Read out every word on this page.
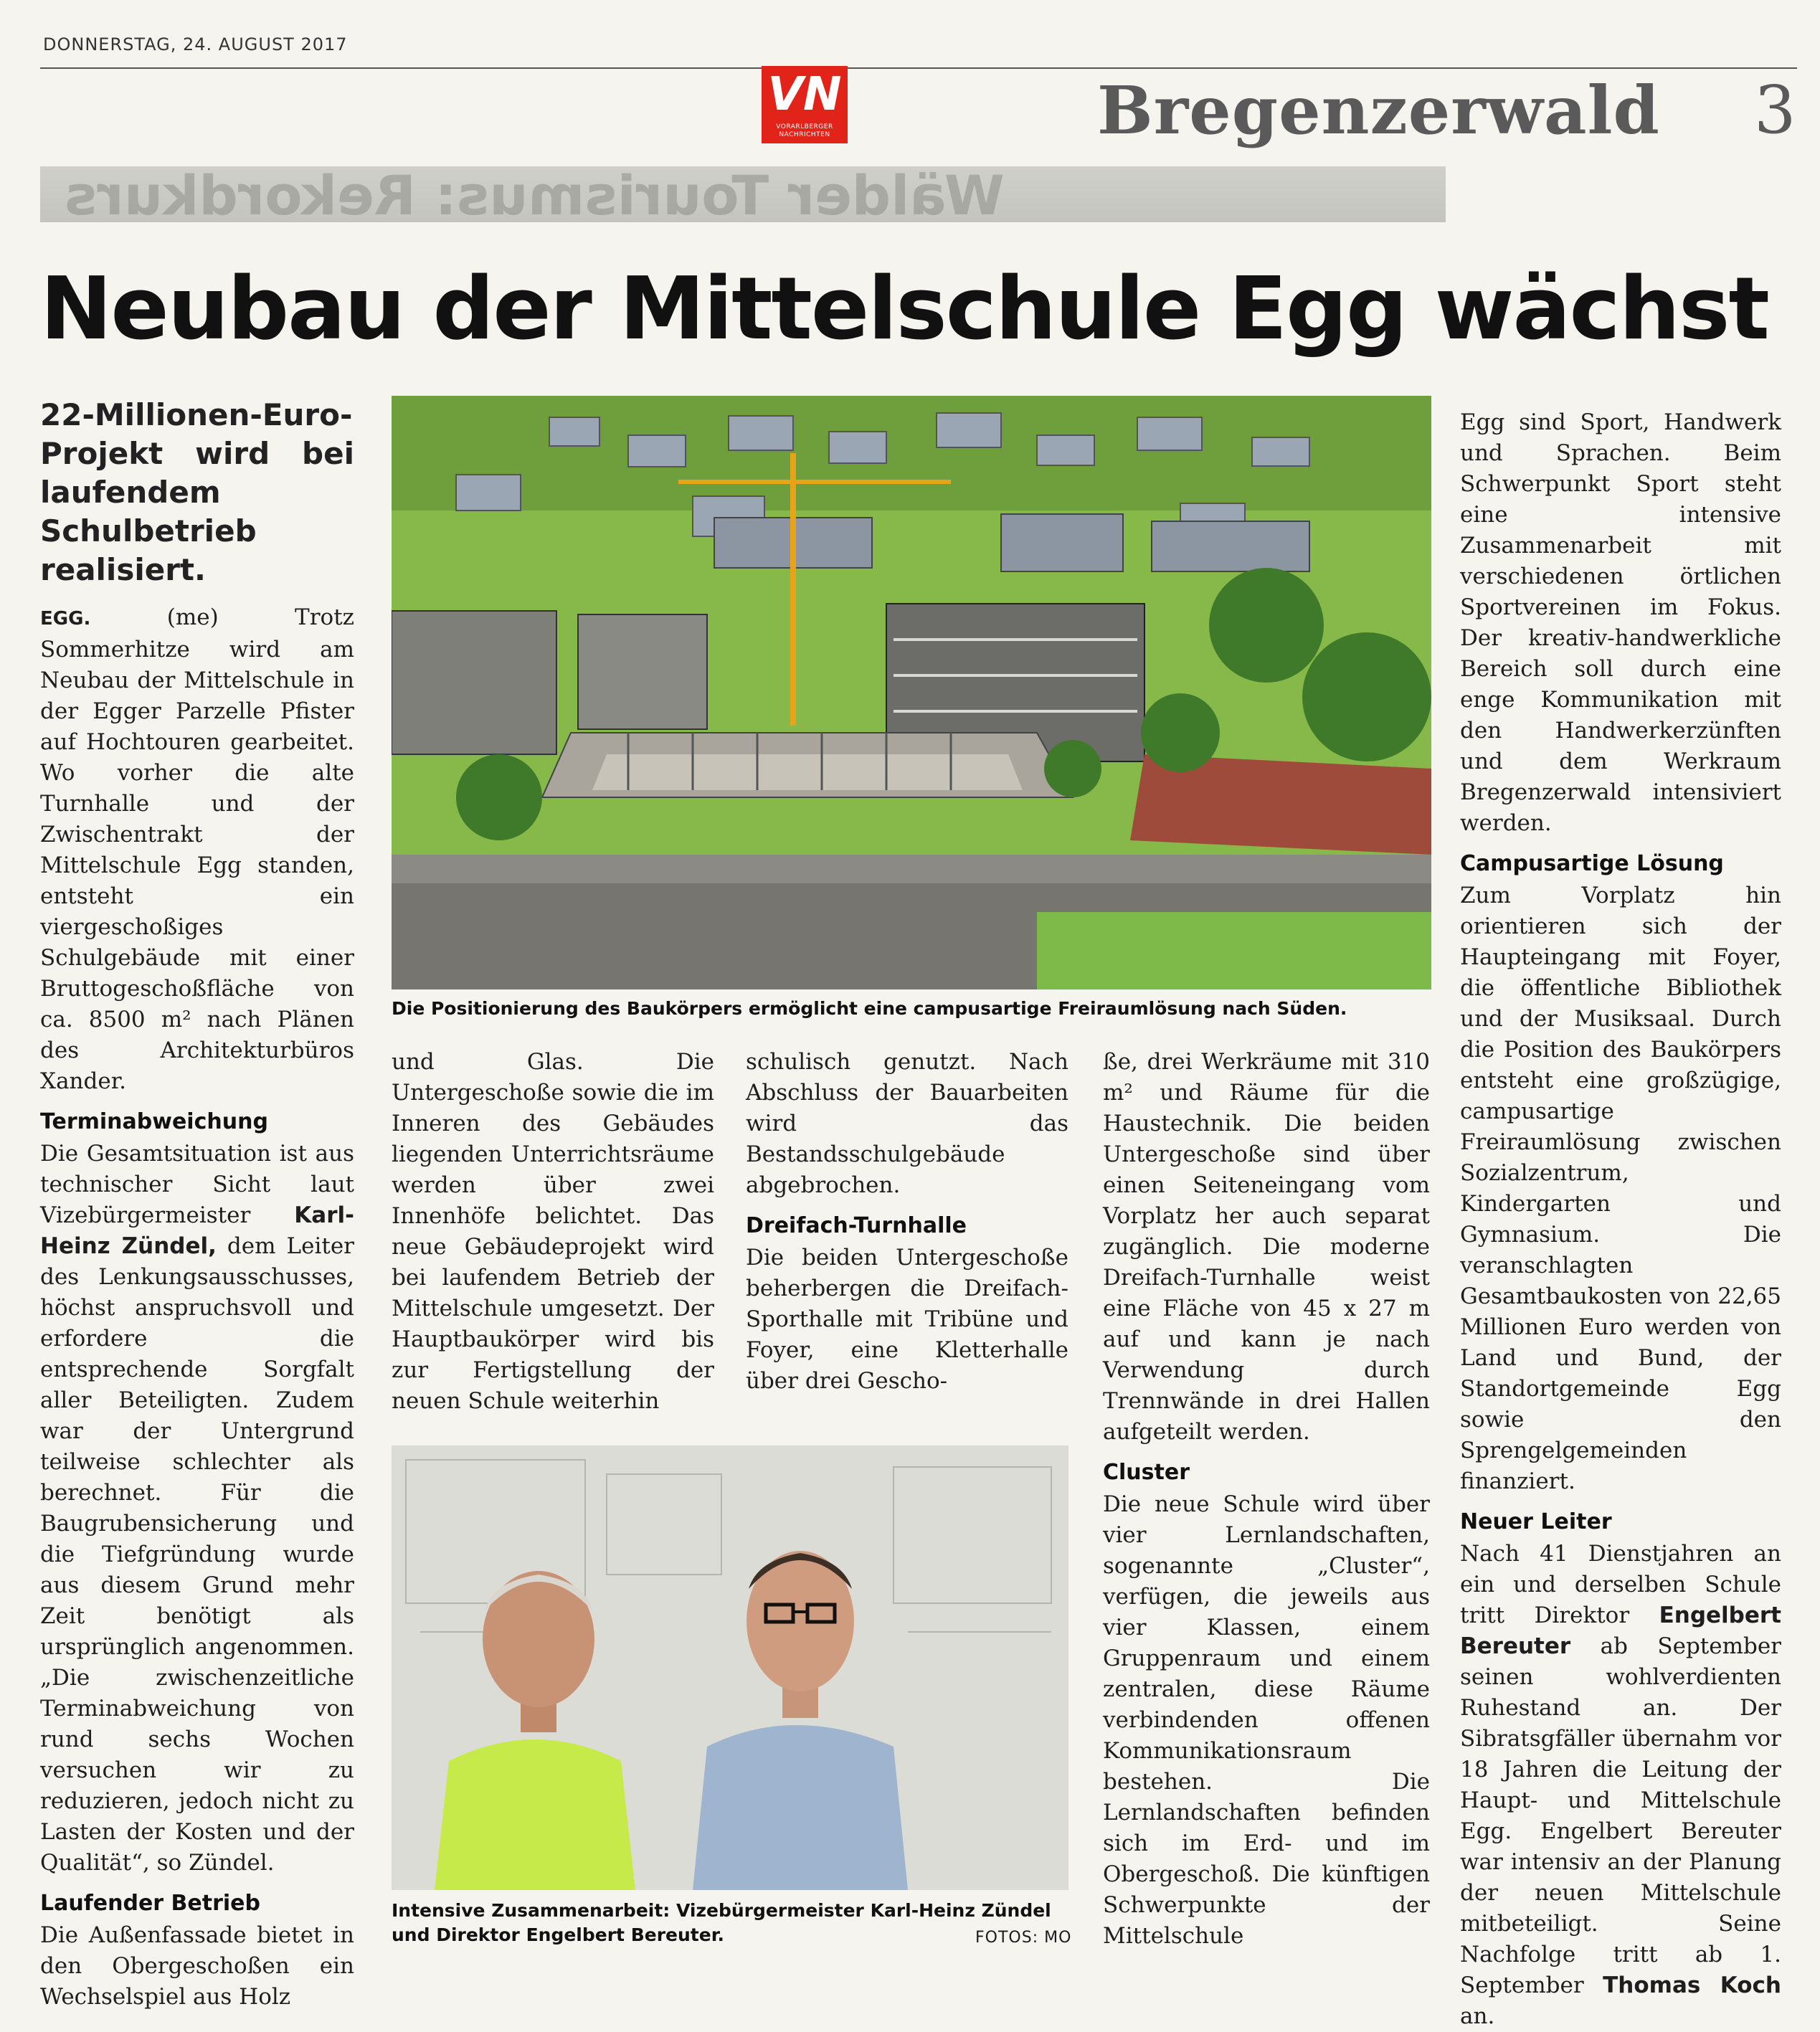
DONNERSTAG, 24. AUGUST 2017
VN
VORARLBERGER
NACHRICHTEN	Bregenzerwald 3
Wälder Tourismus: Rekordkurs
Neubau der Mittelschule Egg wächst
22-Millionen-Euro-Projekt wird bei laufendem Schulbetrieb realisiert.

EGG.	(me) Trotz Sommerhitze wird am Neubau der Mittelschule in der Egger Parzelle Pfister auf Hochtouren gearbeitet. Wo vorher die alte Turnhalle und der Zwischentrakt der Mittelschule Egg standen, entsteht ein viergeschoßiges Schulgebäude mit einer Bruttogeschoßfläche von ca. 8500 m² nach Plänen des Architekturbüros Xander.

Terminabweichung

Die Gesamtsituation ist aus technischer Sicht laut Vizebürgermeister Karl-Heinz Zündel, dem Leiter des Lenkungsausschusses, höchst anspruchsvoll und erfordere die entsprechende Sorgfalt aller Beteiligten. Zudem war der Untergrund teilweise schlechter als berechnet. Für die Baugrubensicherung und die Tiefgründung wurde aus diesem Grund mehr Zeit benötigt als ursprünglich angenommen. „Die zwischenzeitliche Terminabweichung von rund sechs Wochen versuchen wir zu reduzieren, jedoch nicht zu Lasten der Kosten und der Qualität“, so Zündel.

Laufender Betrieb

Die Außenfassade bietet in den Obergeschoßen ein Wechselspiel aus Holz

Die Positionierung des Baukörpers ermöglicht eine campusartige Freiraumlösung nach Süden.

und Glas. Die Untergeschoße sowie die im Inneren des Gebäudes liegenden Unterrichtsräume werden über zwei Innenhöfe belichtet. Das neue Gebäudeprojekt wird bei laufendem Betrieb der Mittelschule umgesetzt. Der Hauptbaukörper wird bis zur Fertigstellung der neuen Schule weiterhin

schulisch genutzt. Nach Abschluss der Bauarbeiten wird das Bestandsschulgebäude abgebrochen.

Dreifach-Turnhalle

Die beiden Untergeschoße beherbergen die Dreifach-Sporthalle mit Tribüne und Foyer, eine Kletterhalle über drei Gescho-

ße, drei Werkräume mit 310 m² und Räume für die Haustechnik. Die beiden Untergeschoße sind über einen Seiteneingang vom Vorplatz her auch separat zugänglich. Die moderne Dreifach-Turnhalle weist eine Fläche von 45 x 27 m auf und kann je nach Verwendung durch Trennwände in drei Hallen aufgeteilt werden.

Cluster

Die neue Schule wird über vier Lernlandschaften, sogenannte „Cluster“, verfügen, die jeweils aus vier Klassen, einem Gruppenraum und einem zentralen, diese Räume verbindenden offenen Kommunikationsraum bestehen. Die Lernlandschaften befinden sich im Erd- und im Obergeschoß. Die künftigen Schwerpunkte der Mittelschule

Intensive Zusammenarbeit: Vizebürgermeister Karl-Heinz Zündel und Direktor Engelbert Bereuter.	FOTOS: MO

Egg sind Sport, Handwerk und Sprachen. Beim Schwerpunkt Sport steht eine intensive Zusammenarbeit mit verschiedenen örtlichen Sportvereinen im Fokus. Der kreativ-handwerkliche Bereich soll durch eine enge Kommunikation mit den Handwerkerzünften und dem Werkraum Bregenzerwald intensiviert werden.

Campusartige Lösung

Zum Vorplatz hin orientieren sich der Haupteingang mit Foyer, die öffentliche Bibliothek und der Musiksaal. Durch die Position des Baukörpers entsteht eine großzügige, campusartige Freiraumlösung zwischen Sozialzentrum, Kindergarten und Gymnasium. Die veranschlagten Gesamtbaukosten von 22,65 Millionen Euro werden von Land und Bund, der Standortgemeinde Egg sowie den Sprengelgemeinden finanziert.

Neuer Leiter

Nach 41 Dienstjahren an ein und derselben Schule tritt Direktor Engelbert Bereuter ab September seinen wohlverdienten Ruhestand an. Der Sibratsgfäller übernahm vor 18 Jahren die Leitung der Haupt- und Mittelschule Egg. Engelbert Bereuter war intensiv an der Planung der neuen Mittelschule mitbeteiligt. Seine Nachfolge tritt ab 1. September Thomas Koch an.
